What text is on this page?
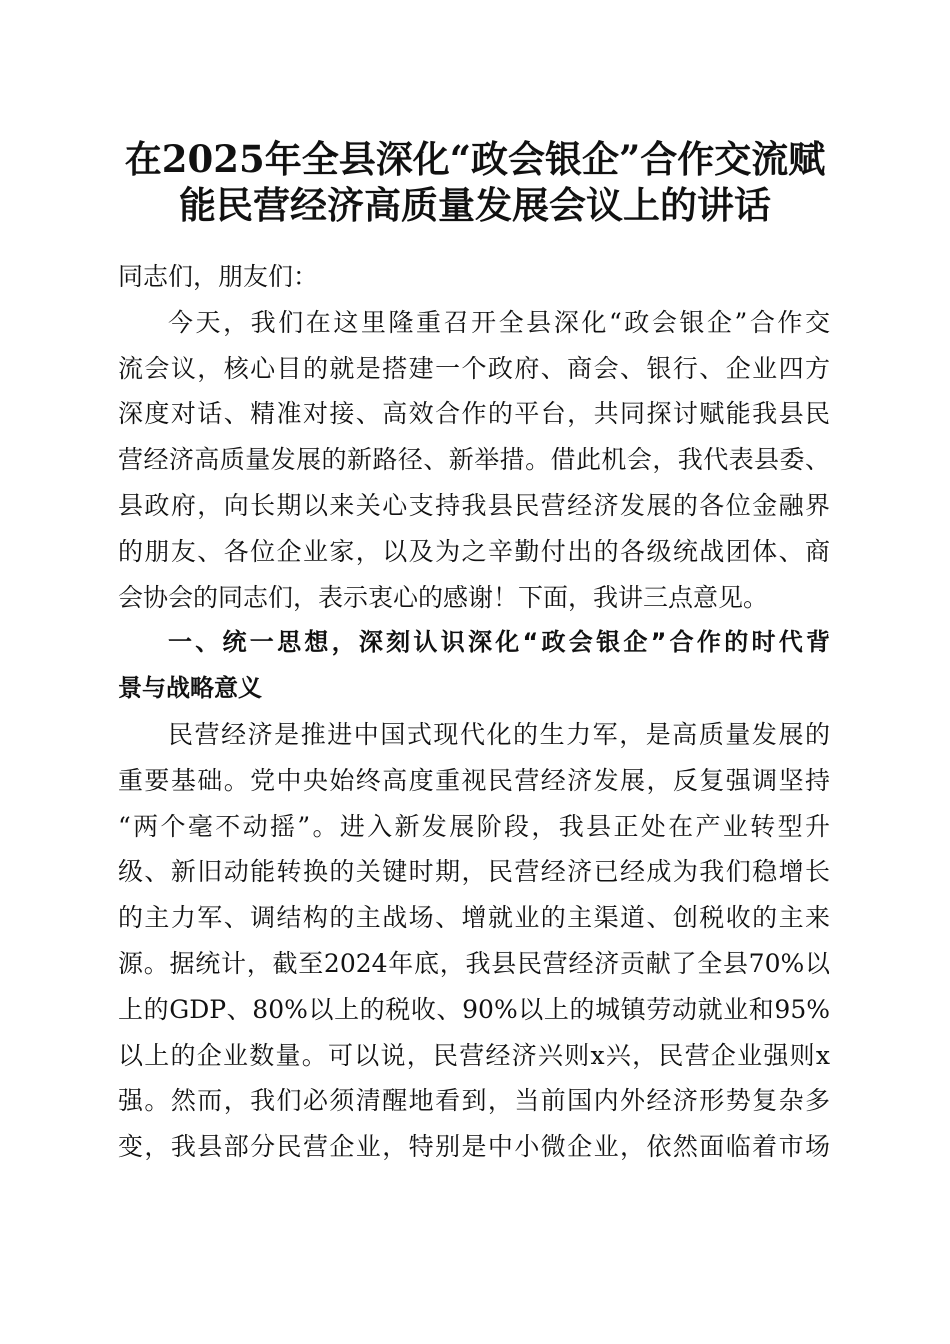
在2025年全县深化“政会银企”合作交流赋
能民营经济高质量发展会议上的讲话
同志们，朋友们：
今天，我们在这里隆重召开全县深化“政会银企”合作交
流会议，核心目的就是搭建一个政府、商会、银行、企业四方
深度对话、精准对接、高效合作的平台，共同探讨赋能我县民
营经济高质量发展的新路径、新举措。借此机会，我代表县委、
县政府，向长期以来关心支持我县民营经济发展的各位金融界
的朋友、各位企业家，以及为之辛勤付出的各级统战团体、商
会协会的同志们，表示衷心的感谢！下面，我讲三点意见。
一、统一思想，深刻认识深化“政会银企”合作的时代背
景与战略意义
民营经济是推进中国式现代化的生力军，是高质量发展的
重要基础。党中央始终高度重视民营经济发展，反复强调坚持
“两个毫不动摇”。进入新发展阶段，我县正处在产业转型升
级、新旧动能转换的关键时期，民营经济已经成为我们稳增长
的主力军、调结构的主战场、增就业的主渠道、创税收的主来
源。据统计，截至2024年底，我县民营经济贡献了全县70%以
上的GDP、80%以上的税收、90%以上的城镇劳动就业和95%
以上的企业数量。可以说，民营经济兴则x兴，民营企业强则x
强。然而，我们必须清醒地看到，当前国内外经济形势复杂多
变，我县部分民营企业，特别是中小微企业，依然面临着市场
